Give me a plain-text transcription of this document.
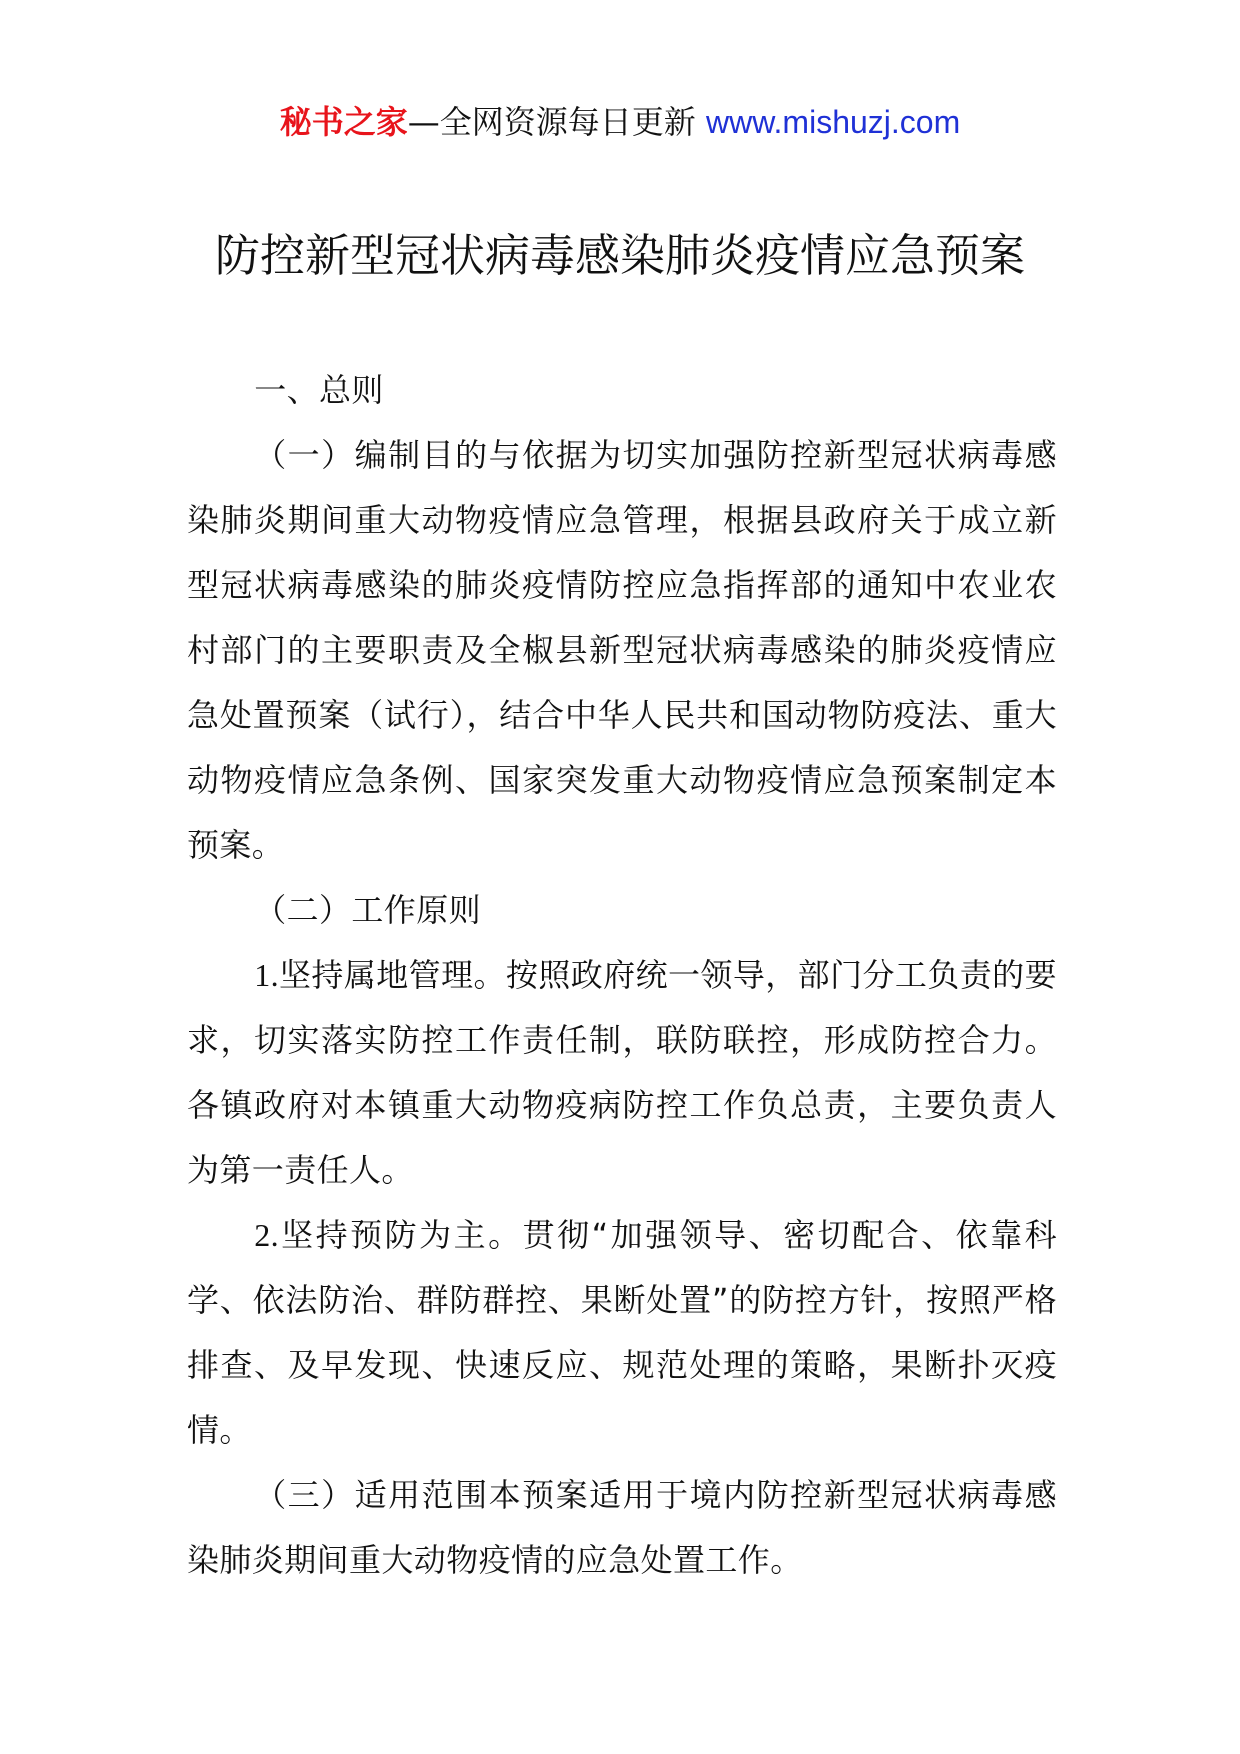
秘书之家—全网资源每日更新 www.mishuzj.com
防控新型冠状病毒感染肺炎疫情应急预案

一、总则

（一）编制目的与依据为切实加强防控新型冠状病毒感染肺炎期间重大动物疫情应急管理，根据县政府关于成立新型冠状病毒感染的肺炎疫情防控应急指挥部的通知中农业农村部门的主要职责及全椒县新型冠状病毒感染的肺炎疫情应急处置预案（试行），结合中华人民共和国动物防疫法、重大动物疫情应急条例、国家突发重大动物疫情应急预案制定本预案。

（二）工作原则

1.坚持属地管理。按照政府统一领导，部门分工负责的要求，切实落实防控工作责任制，联防联控，形成防控合力。各镇政府对本镇重大动物疫病防控工作负总责，主要负责人为第一责任人。

2.坚持预防为主。贯彻“加强领导、密切配合、依靠科学、依法防治、群防群控、果断处置”的防控方针，按照严格排查、及早发现、快速反应、规范处理的策略，果断扑灭疫情。

（三）适用范围本预案适用于境内防控新型冠状病毒感染肺炎期间重大动物疫情的应急处置工作。
